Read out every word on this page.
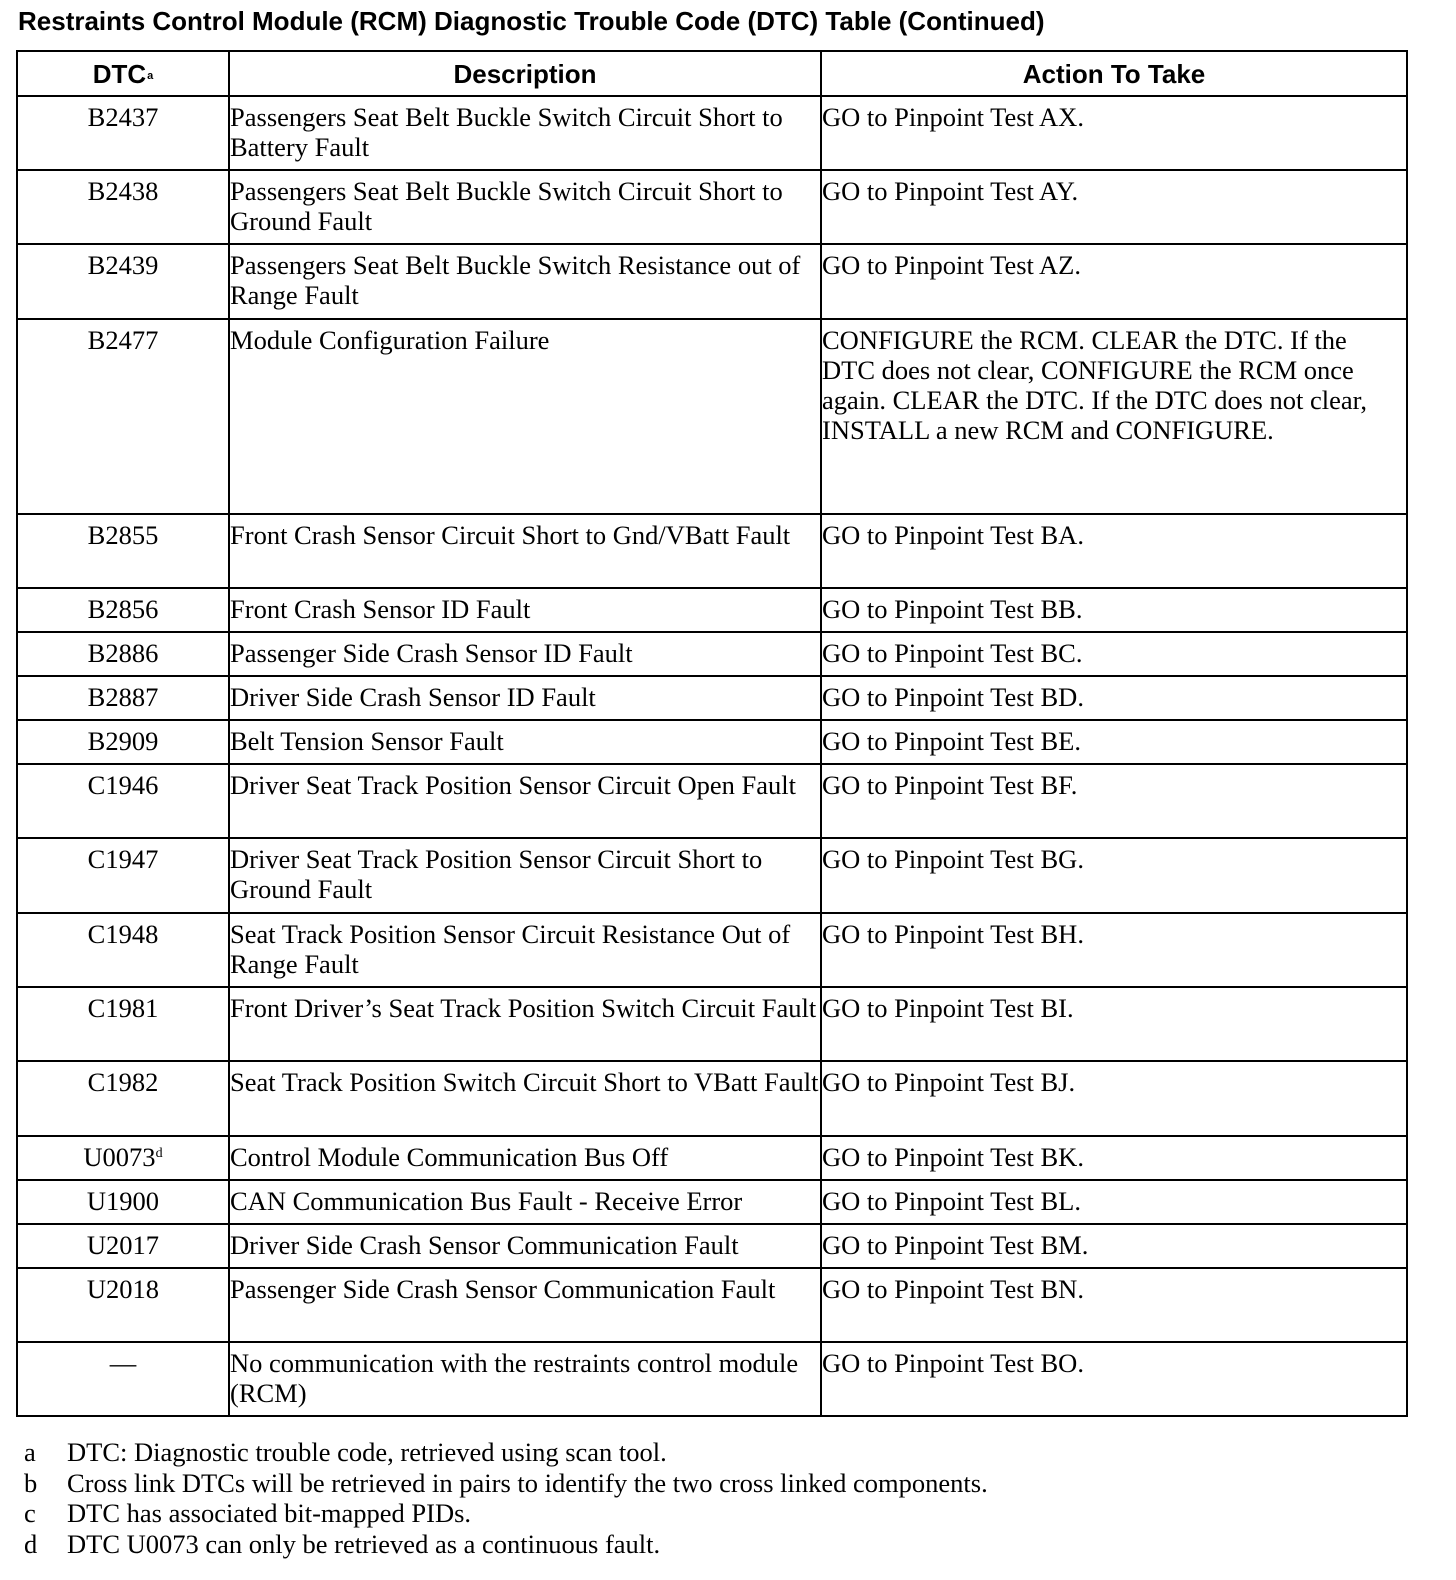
Restraints Control Module (RCM) Diagnostic Trouble Code (DTC) Table (Continued)
DTC$^a$	Description	Action To Take
B2437	Passengers Seat Belt Buckle Switch Circuit Short to Battery Fault	GO to Pinpoint Test AX.
B2438	Passengers Seat Belt Buckle Switch Circuit Short to Ground Fault	GO to Pinpoint Test AY.
B2439	Passengers Seat Belt Buckle Switch Resistance out of Range Fault	GO to Pinpoint Test AZ.
B2477	Module Configuration Failure	CONFIGURE the RCM. CLEAR the DTC. If the DTC does not clear, CONFIGURE the RCM once again. CLEAR the DTC. If the DTC does not clear, INSTALL a new RCM and CONFIGURE.
B2855	Front Crash Sensor Circuit Short to Gnd/VBatt Fault	GO to Pinpoint Test BA.
B2856	Front Crash Sensor ID Fault	GO to Pinpoint Test BB.
B2886	Passenger Side Crash Sensor ID Fault	GO to Pinpoint Test BC.
B2887	Driver Side Crash Sensor ID Fault	GO to Pinpoint Test BD.
B2909	Belt Tension Sensor Fault	GO to Pinpoint Test BE.
C1946	Driver Seat Track Position Sensor Circuit Open Fault	GO to Pinpoint Test BF.
C1947	Driver Seat Track Position Sensor Circuit Short to Ground Fault	GO to Pinpoint Test BG.
C1948	Seat Track Position Sensor Circuit Resistance Out of Range Fault	GO to Pinpoint Test BH.
C1981	Front Driver’s Seat Track Position Switch Circuit Fault	GO to Pinpoint Test BI.
C1982	Seat Track Position Switch Circuit Short to VBatt Fault	GO to Pinpoint Test BJ.
U0073$^d$	Control Module Communication Bus Off	GO to Pinpoint Test BK.
U1900	CAN Communication Bus Fault - Receive Error	GO to Pinpoint Test BL.
U2017	Driver Side Crash Sensor Communication Fault	GO to Pinpoint Test BM.
U2018	Passenger Side Crash Sensor Communication Fault	GO to Pinpoint Test BN.
—	No communication with the restraints control module (RCM)	GO to Pinpoint Test BO.
a	DTC: Diagnostic trouble code, retrieved using scan tool.
b	Cross link DTCs will be retrieved in pairs to identify the two cross linked components.
c	DTC has associated bit-mapped PIDs.
d	DTC U0073 can only be retrieved as a continuous fault.
